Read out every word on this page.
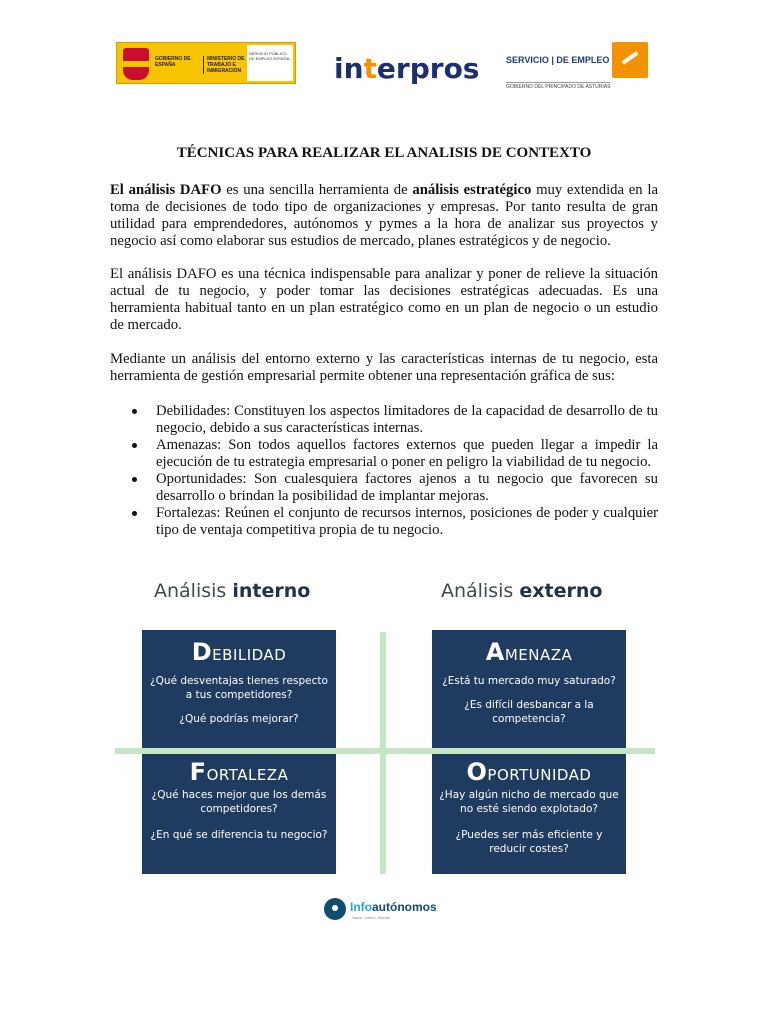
GOBIERNO DE ESPAÑA
MINISTERIO DE TRABAJO E INMIGRACIÓN
SERVICIO PÚBLICO DE EMPLEO ESTATAL interpros	SERVICIO | DE EMPLEO
GOBIERNO DEL PRINCIPADO DE ASTURIAS
TÉCNICAS PARA REALIZAR EL ANALISIS DE CONTEXTO

El análisis DAFO es una sencilla herramienta de análisis estratégico muy extendida en la toma de decisiones de todo tipo de organizaciones y empresas. Por tanto resulta de gran utilidad para emprendedores, autónomos y pymes a la hora de analizar sus proyectos y negocio así como elaborar sus estudios de mercado, planes estratégicos y de negocio.

El análisis DAFO es una técnica indispensable para analizar y poner de relieve la situación actual de tu negocio, y poder tomar las decisiones estratégicas adecuadas. Es una herramienta habitual tanto en un plan estratégico como en un plan de negocio o un estudio de mercado.

Mediante un análisis del entorno externo y las características internas de tu negocio, esta herramienta de gestión empresarial permite obtener una representación gráfica de sus:

Debilidades: Constituyen los aspectos limitadores de la capacidad de desarrollo de tu negocio, debido a sus características internas.
Amenazas: Son todos aquellos factores externos que pueden llegar a impedir la ejecución de tu estrategia empresarial o poner en peligro la viabilidad de tu negocio.
Oportunidades: Son cualesquiera factores ajenos a tu negocio que favorecen su desarrollo o brindan la posibilidad de implantar mejoras.
Fortalezas: Reúnen el conjunto de recursos internos, posiciones de poder y cualquier tipo de ventaja competitiva propia de tu negocio.
Análisis interno	Análisis externo
DEBILIDAD
¿Qué desventajas tienes respecto a tus competidores?
¿Qué podrías mejorar?
AMENAZA
¿Está tu mercado muy saturado?
¿Es difícil desbancar a la competencia?
FORTALEZA
¿Qué haces mejor que los demás competidores?
¿En qué se diferencia tu negocio?
OPORTUNIDAD
¿Hay algún nicho de mercado que no esté siendo explotado?
¿Puedes ser más eficiente y reducir costes?
Infoautónomos
Nacer, crecer, triunfar
